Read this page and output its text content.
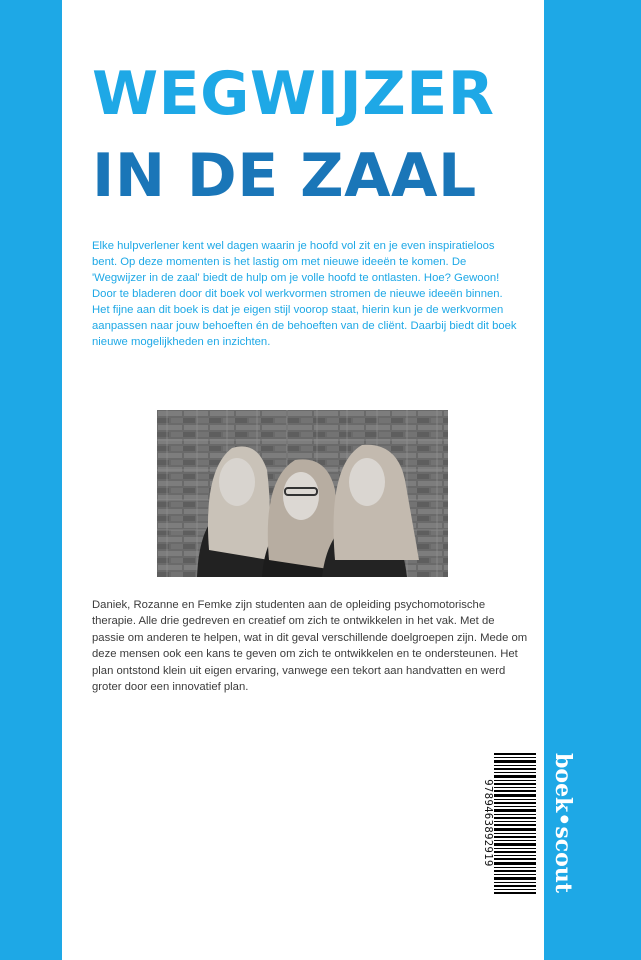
WEGWIJZER
IN DE ZAAL

Elke hulpverlener kent wel dagen waarin je hoofd vol zit en je even inspiratieloos bent. Op deze momenten is het lastig om met nieuwe ideeën te komen. De 'Wegwijzer in de zaal' biedt de hulp om je volle hoofd te ontlasten. Hoe? Gewoon! Door te bladeren door dit boek vol werkvormen stromen de nieuwe ideeën binnen.

Het fijne aan dit boek is dat je eigen stijl voorop staat, hierin kun je de werkvormen aanpassen naar jouw behoeften én de behoeften van de cliënt. Daarbij biedt dit boek nieuwe mogelijkheden en inzichten.

Daniek, Rozanne en Femke zijn studenten aan de opleiding psychomotorische therapie. Alle drie gedreven en creatief om zich te ontwikkelen in het vak. Met de passie om anderen te helpen, wat in dit geval verschillende doelgroepen zijn. Mede om deze mensen ook een kans te geven om zich te ontwikkelen en te ondersteunen. Het plan ontstond klein uit eigen ervaring, vanwege een tekort aan handvatten en werd groter door een innovatief plan.

9789463892919	boek•scout
